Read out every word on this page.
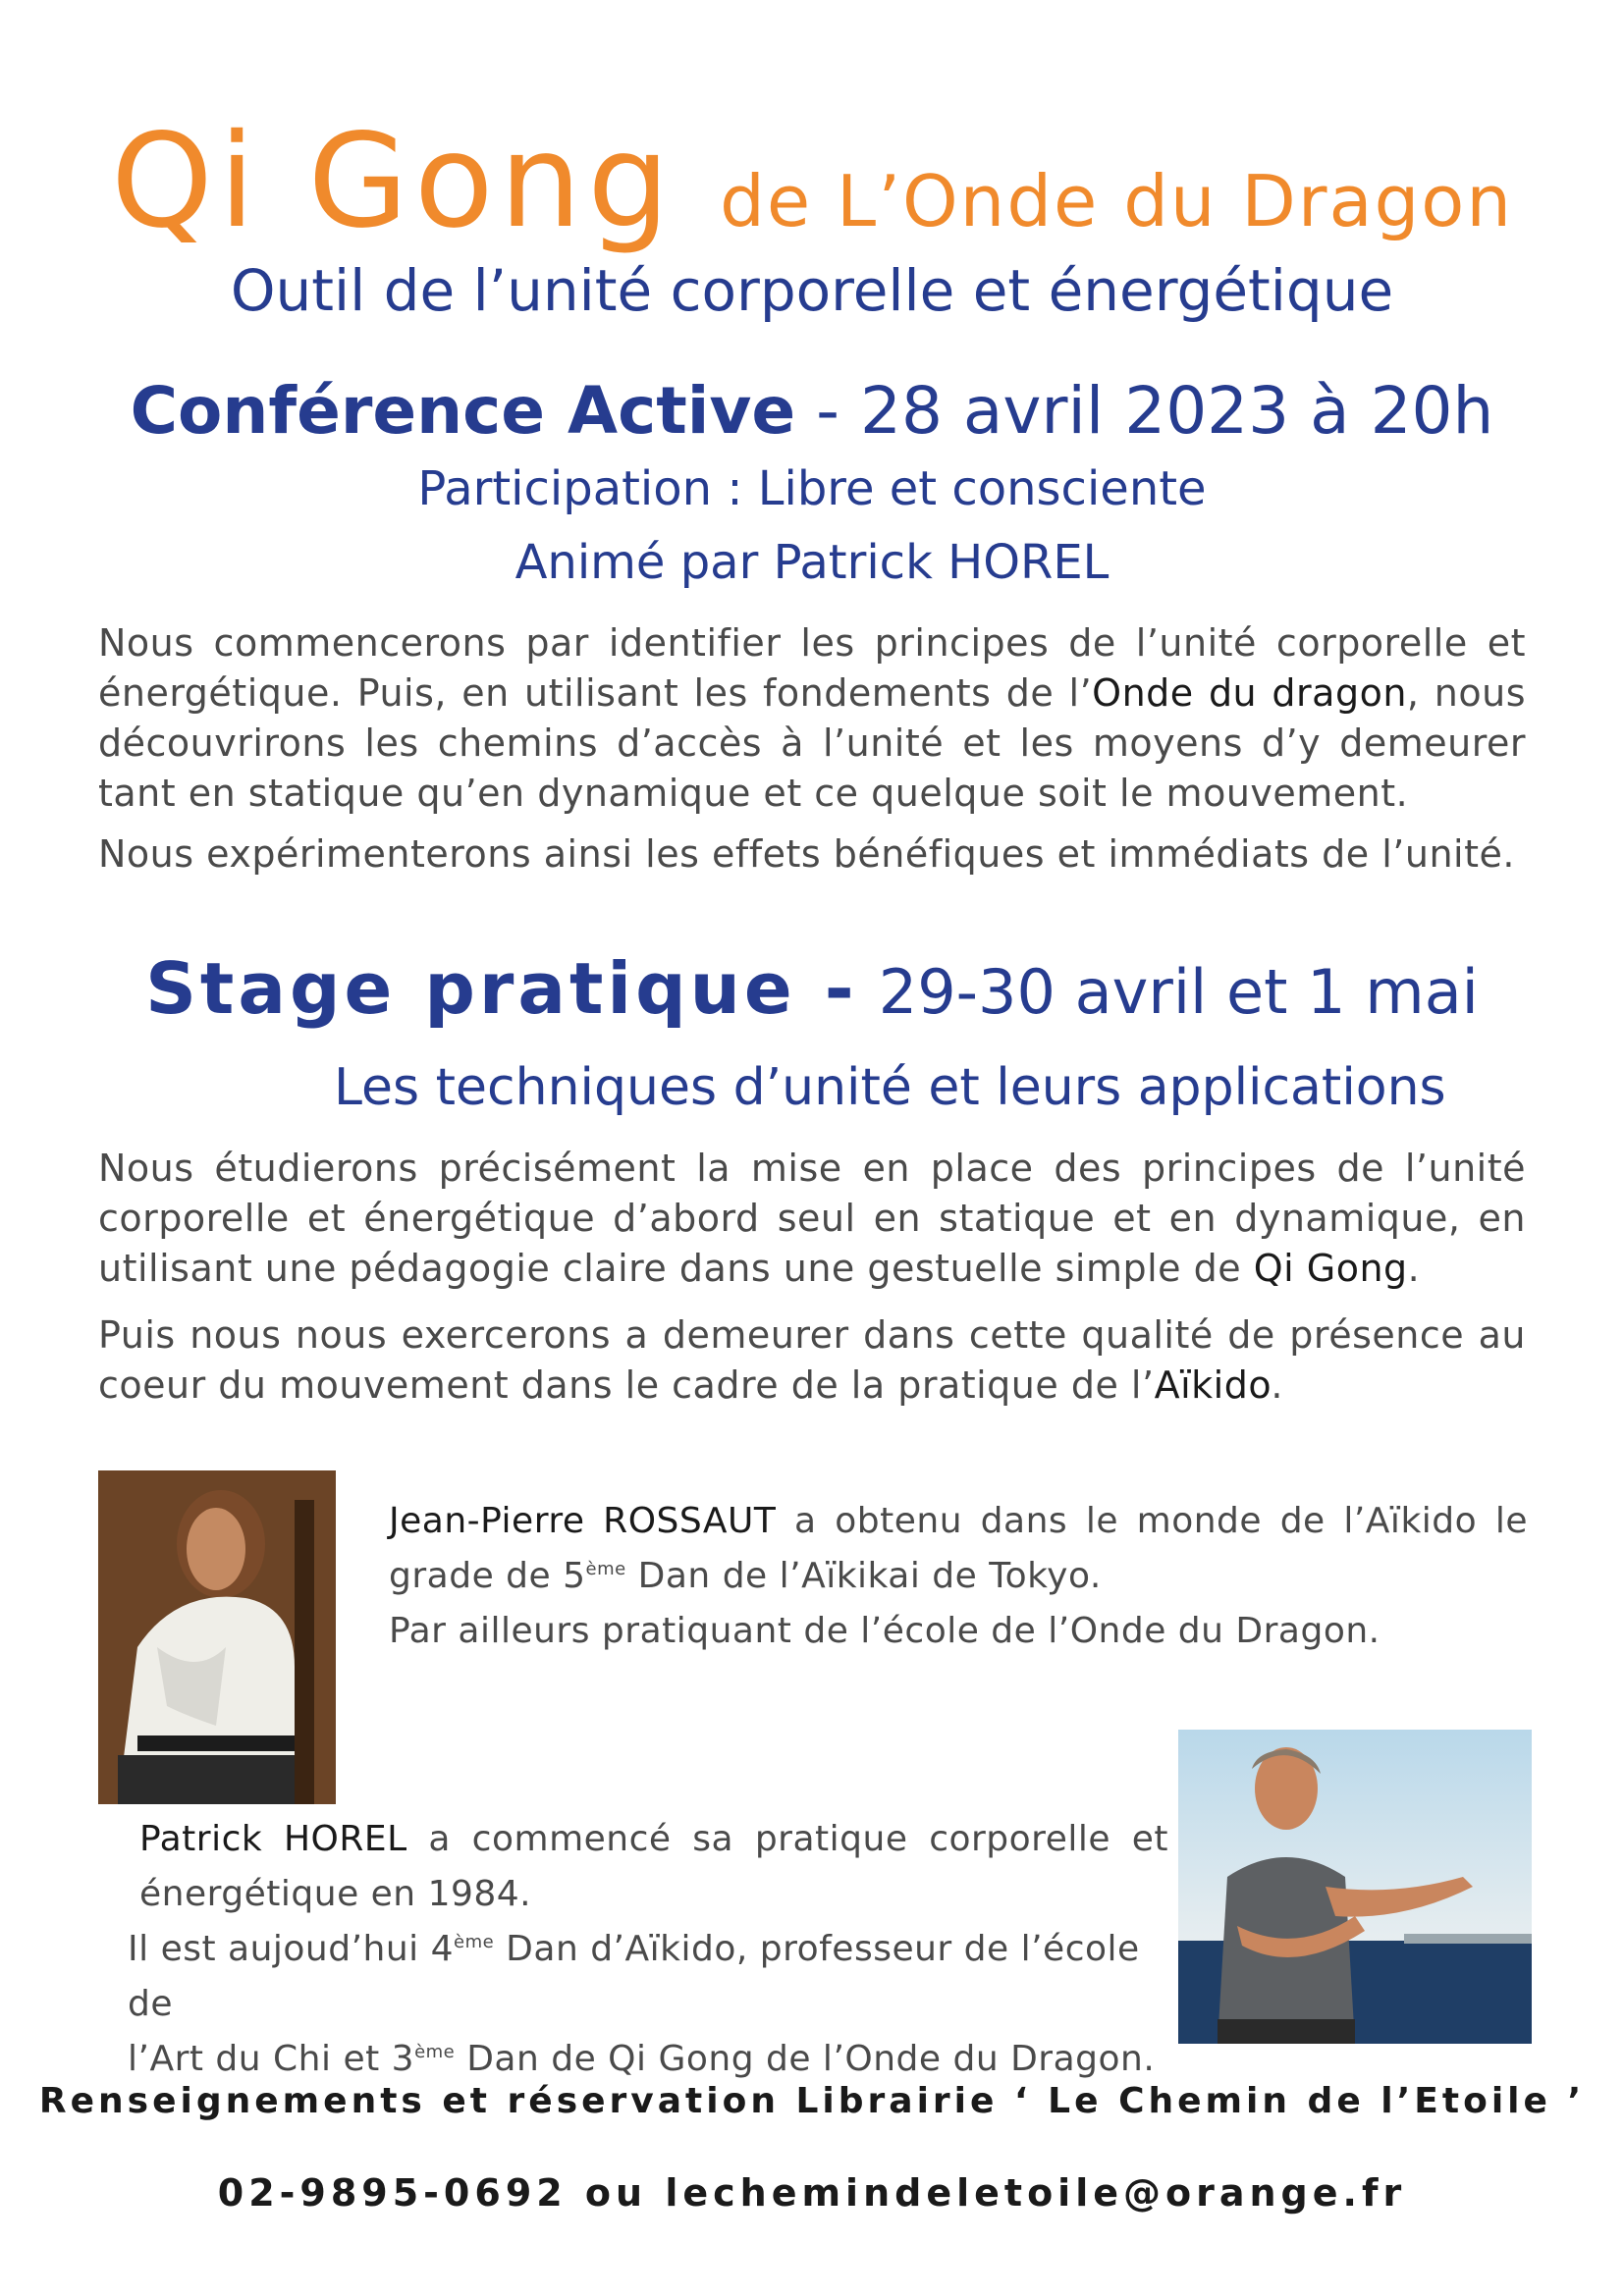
Qi Gong de L’Onde du Dragon
Outil de l’unité corporelle et énergétique
Conférence Active - 28 avril 2023 à 20h
Participation : Libre et consciente
Animé par Patrick HOREL
Nous commencerons par identifier les principes de l’unité corporelle et énergétique. Puis, en utilisant les fondements de l’Onde du dragon, nous découvrirons les chemins d’accès à l’unité et les moyens d’y demeurer tant en statique qu’en dynamique et ce quelque soit le mouvement.
Nous expérimenterons ainsi les effets bénéfiques et immédiats de l’unité.
Stage pratique - 29-30 avril et 1 mai
Les techniques d’unité et leurs applications
Nous étudierons précisément la mise en place des principes de l’unité corporelle et énergétique d’abord seul en statique et en dynamique, en utilisant une pédagogie claire dans une gestuelle simple de Qi Gong.
Puis nous nous exercerons a demeurer dans cette qualité de présence au coeur du mouvement dans le cadre de la pratique de l’Aïkido.
Jean-Pierre ROSSAUT a obtenu dans le monde de l’Aïkido le
grade de 5ème Dan de l’Aïkikai de Tokyo.
Par ailleurs pratiquant de l’école de l’Onde du Dragon.
Patrick HOREL a commencé sa pratique corporelle et
énergétique en 1984.
Il est aujoud’hui 4ème Dan d’Aïkido, professeur de l’école de
l’Art du Chi et 3ème Dan de Qi Gong de l’Onde du Dragon.
Renseignements et réservation Librairie ‘ Le Chemin de l’Etoile ’
02-9895-0692 ou lechemindeletoile@orange.fr
